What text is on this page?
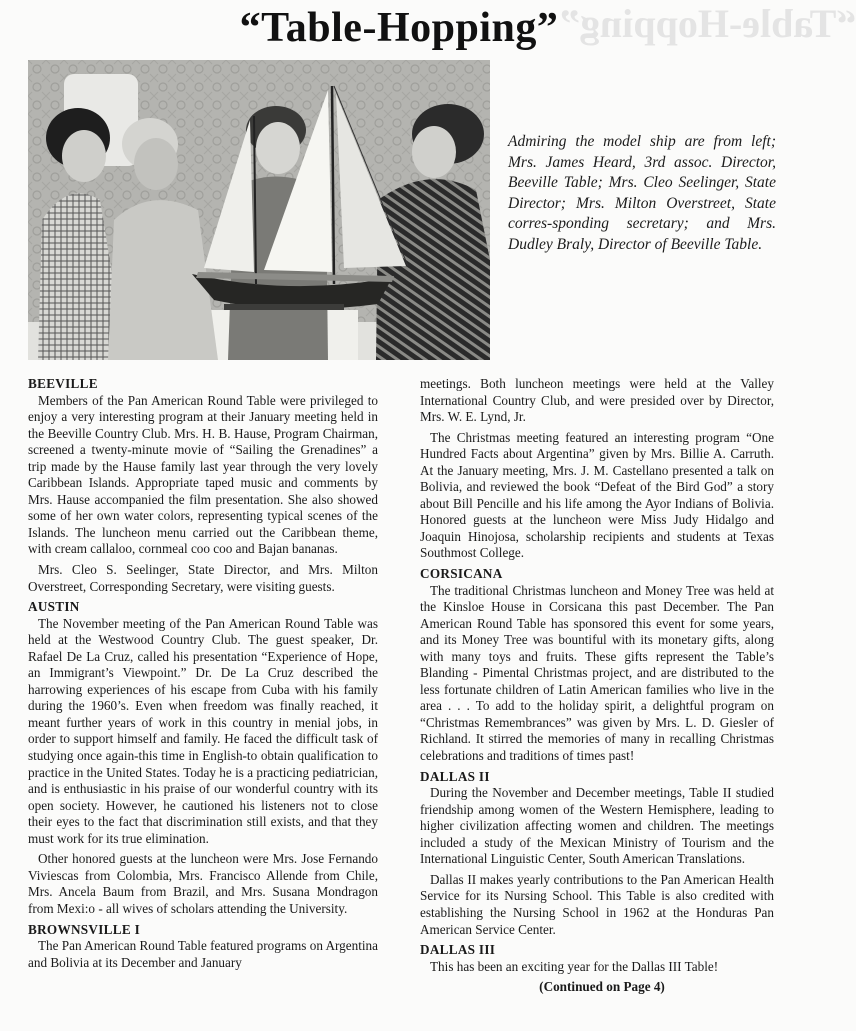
“Table-Hopping”
“Table-Hopping”
Admiring the model ship are from left; Mrs. James Heard, 3rd assoc. Director, Beeville Table; Mrs. Cleo Seelinger, State Director; Mrs. Milton Overstreet, State corres-sponding secretary; and Mrs. Dudley Braly, Director of Beeville Table.
BEEVILLE

Members of the Pan American Round Table were privileged to enjoy a very interesting program at their January meeting held in the Beeville Country Club. Mrs. H. B. Hause, Program Chairman, screened a twenty-minute movie of “Sailing the Grenadines” a trip made by the Hause family last year through the very lovely Caribbean Islands. Appropriate taped music and comments by Mrs. Hause accompanied the film presentation. She also showed some of her own water colors, representing typical scenes of the Islands. The luncheon menu carried out the Caribbean theme, with cream callaloo, cornmeal coo coo and Bajan bananas.

Mrs. Cleo S. Seelinger, State Director, and Mrs. Milton Overstreet, Corresponding Secretary, were visiting guests.

AUSTIN

The November meeting of the Pan American Round Table was held at the Westwood Country Club. The guest speaker, Dr. Rafael De La Cruz, called his presentation “Experience of Hope, an Immigrant’s Viewpoint.” Dr. De La Cruz described the harrowing experiences of his escape from Cuba with his family during the 1960’s. Even when freedom was finally reached, it meant further years of work in this country in menial jobs, in order to support himself and family. He faced the difficult task of studying once again-this time in English-to obtain qualification to practice in the United States. Today he is a practicing pediatrician, and is enthusiastic in his praise of our wonderful country with its open society. However, he cautioned his listeners not to close their eyes to the fact that discrimination still exists, and that they must work for its true elimination.

Other honored guests at the luncheon were Mrs. Jose Fernando Viviescas from Colombia, Mrs. Francisco Allende from Chile, Mrs. Ancela Baum from Brazil, and Mrs. Susana Mondragon from Mexi:o - all wives of scholars attending the University.

BROWNSVILLE I

The Pan American Round Table featured programs on Argentina and Bolivia at its December and January

meetings. Both luncheon meetings were held at the Valley International Country Club, and were presided over by Director, Mrs. W. E. Lynd, Jr.

The Christmas meeting featured an interesting program “One Hundred Facts about Argentina” given by Mrs. Billie A. Carruth. At the January meeting, Mrs. J. M. Castellano presented a talk on Bolivia, and reviewed the book “Defeat of the Bird God” a story about Bill Pencille and his life among the Ayor Indians of Bolivia. Honored guests at the luncheon were Miss Judy Hidalgo and Joaquin Hinojosa, scholarship recipients and students at Texas Southmost College.

CORSICANA

The traditional Christmas luncheon and Money Tree was held at the Kinsloe House in Corsicana this past December. The Pan American Round Table has sponsored this event for some years, and its Money Tree was bountiful with its monetary gifts, along with many toys and fruits. These gifts represent the Table’s Blanding - Pimental Christmas project, and are distributed to the less fortunate children of Latin American families who live in the area . . . To add to the holiday spirit, a delightful program on “Christmas Remembrances” was given by Mrs. L. D. Giesler of Richland. It stirred the memories of many in recalling Christmas celebrations and traditions of times past!

DALLAS II

During the November and December meetings, Table II studied friendship among women of the Western Hemisphere, leading to higher civilization affecting women and children. The meetings included a study of the Mexican Ministry of Tourism and the International Linguistic Center, South American Translations.

Dallas II makes yearly contributions to the Pan American Health Service for its Nursing School. This Table is also credited with establishing the Nursing School in 1962 at the Honduras Pan American Service Center.

DALLAS III

This has been an exciting year for the Dallas III Table!

(Continued on Page 4)
